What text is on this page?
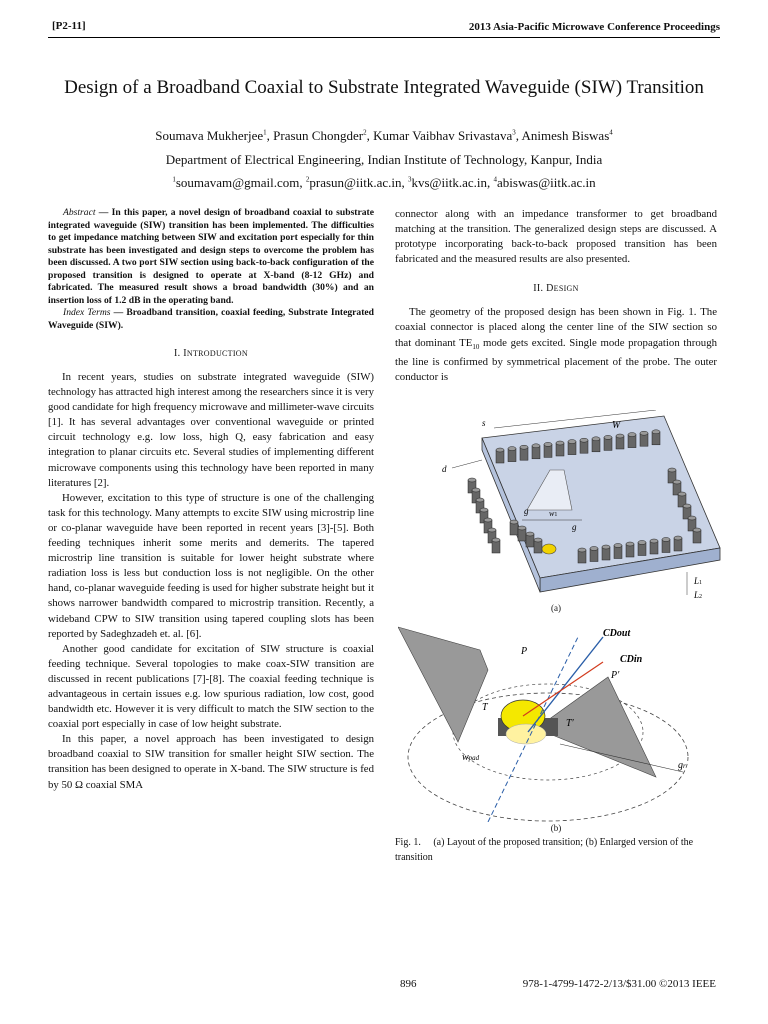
[P2-11]	2013 Asia-Pacific Microwave Conference Proceedings
Design of a Broadband Coaxial to Substrate Integrated Waveguide (SIW) Transition
Soumava Mukherjee$^1$, Prasun Chongder$^2$, Kumar Vaibhav Srivastava$^3$, Animesh Biswas$^4$
Department of Electrical Engineering, Indian Institute of Technology, Kanpur, India
$^1$soumavam@gmail.com, $^2$prasun@iitk.ac.in, $^3$kvs@iitk.ac.in, $^4$abiswas@iitk.ac.in

Abstract — In this paper, a novel design of broadband coaxial to substrate integrated waveguide (SIW) transition has been implemented. The difficulties to get impedance matching between SIW and excitation port especially for thin substrate has been investigated and design steps to overcome the problem has been discussed. A two port SIW section using back-to-back configuration of the proposed transition is designed to operate at X-band (8-12 GHz) and fabricated. The measured result shows a broad bandwidth (30%) and an insertion loss of 1.2 dB in the operating band.

Index Terms — Broadband transition, coaxial feeding, Substrate Integrated Waveguide (SIW).

I. INTRODUCTION

In recent years, studies on substrate integrated waveguide (SIW) technology has attracted high interest among the researchers since it is very good candidate for high frequency microwave and millimeter-wave circuits [1]. It has several advantages over conventional waveguide or printed circuit technology e.g. low loss, high Q, easy fabrication and easy integration to planar circuits etc. Several studies of implementing different microwave components using this technology have been reported in many literatures [2].

However, excitation to this type of structure is one of the challenging task for this technology. Many attempts to excite SIW using microstrip line or co-planar waveguide have been reported in recent years [3]-[5]. Both feeding techniques inherit some merits and demerits. The tapered microstrip line transition is suitable for lower height substrate where radiation loss is less but conduction loss is not negligible. On the other hand, co-planar waveguide feeding is used for higher substrate height but it shows narrower bandwidth compared to microstrip transition. Recently, a wideband CPW to SIW transition using tapered coupling slots has been reported by Sadeghzadeh et. al. [6].

Another good candidate for excitation of SIW structure is coaxial feeding technique. Several topologies to make coax-SIW transition are discussed in recent publications [7]-[8]. The coaxial feeding technique is advantageous in certain issues e.g. low spurious radiation, low cost, good bandwidth etc. However it is very difficult to match the SIW section to the coaxial port especially in case of low height substrate.

In this paper, a novel approach has been investigated to design broadband coaxial to SIW transition for smaller height SIW section. The transition has been designed to operate in X-band. The SIW structure is fed by 50 Ω coaxial SMA

connector along with an impedance transformer to get broadband matching at the transition. The generalized design steps are discussed. A prototype incorporating back-to-back proposed transition has been fabricated and the measured results are also presented.

II. DESIGN

The geometry of the proposed design has been shown in Fig. 1. The coaxial connector is placed along the center line of the SIW section so that dominant $TE_{10}$ mode gets excited. Single mode propagation through the line is confirmed by symmetrical placement of the probe. The outer conductor is

s	W
d
g	w1
g
L1
L2
(a)
CDout
CDin
P
P′
T
T′
wpad
gr
(b)
Fig. 1. (a) Layout of the proposed transition; (b) Enlarged version of the transition
896	978-1-4799-1472-2/13/$31.00 ©2013 IEEE
